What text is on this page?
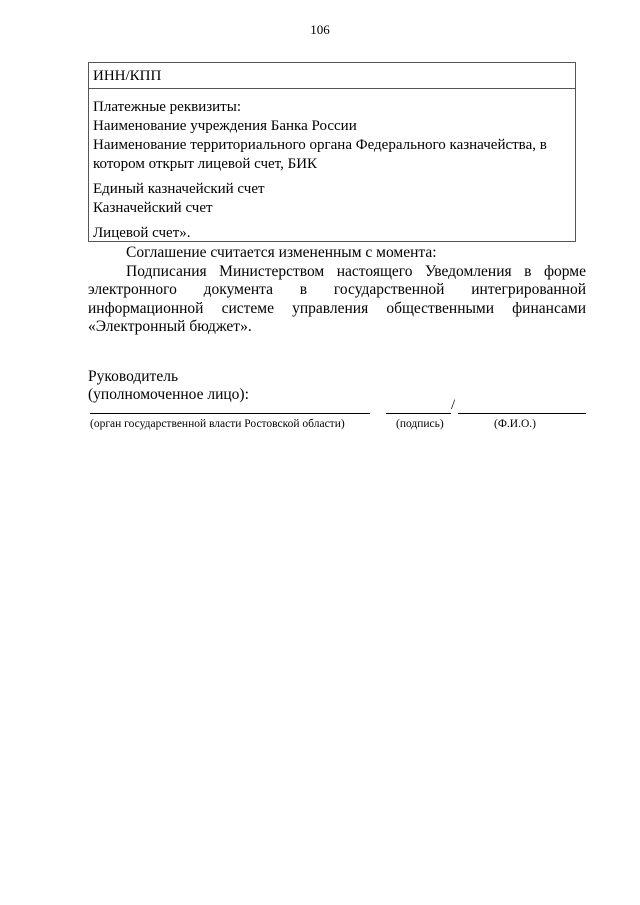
106
ИНН/КПП
Платежные реквизиты:
Наименование учреждения Банка России
Наименование территориального органа Федерального казначейства, в
котором открыт лицевой счет, БИК
Единый казначейский счет
Казначейский счет
Лицевой счет».
Соглашение считается измененным с момента:
Подписания Министерством настоящего Уведомления в форме
электронного документа в государственной интегрированной
информационной системе управления общественными финансами
«Электронный бюджет».
Руководитель
(уполномоченное лицо):
/
(орган государственной власти Ростовской области)	(подпись)	(Ф.И.О.)
